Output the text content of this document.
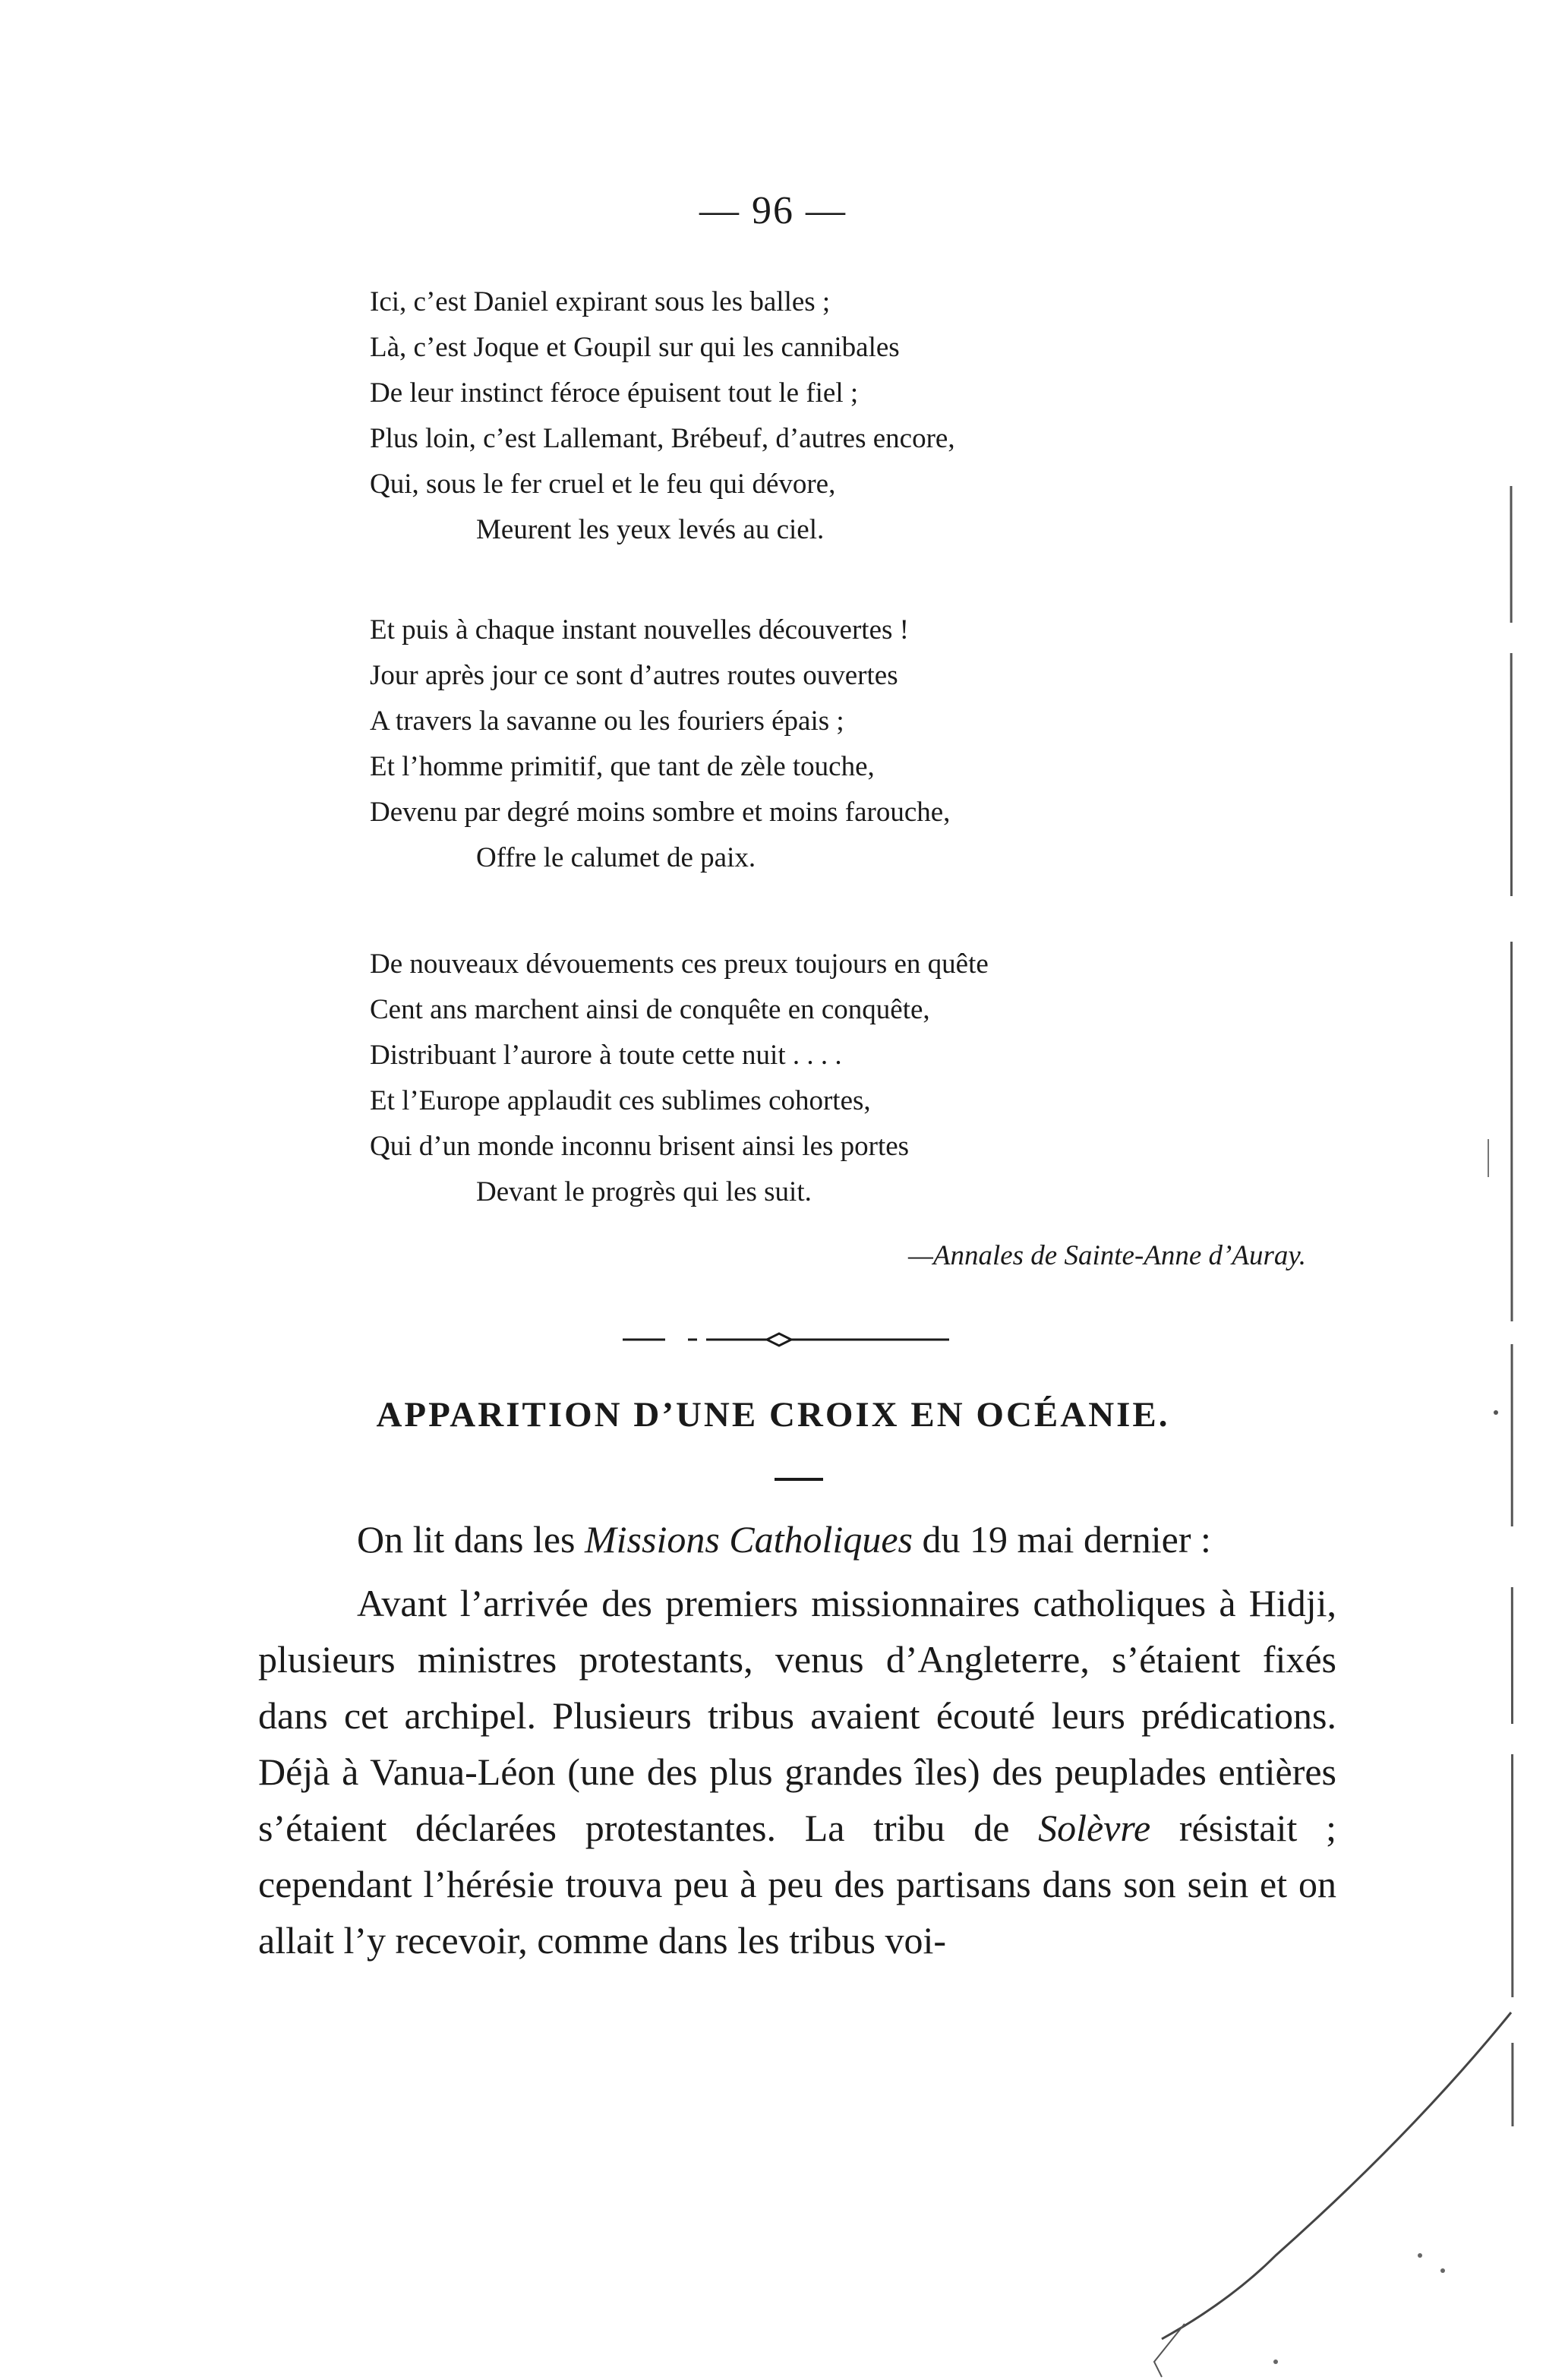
— 96 —
Ici, c’est Daniel expirant sous les balles ;
Là, c’est Joque et Goupil sur qui les cannibales
De leur instinct féroce épuisent tout le fiel ;
Plus loin, c’est Lallemant, Brébeuf, d’autres encore,
Qui, sous le fer cruel et le feu qui dévore,
Meurent les yeux levés au ciel.
Et puis à chaque instant nouvelles découvertes !
Jour après jour ce sont d’autres routes ouvertes
A travers la savanne ou les fouriers épais ;
Et l’homme primitif, que tant de zèle touche,
Devenu par degré moins sombre et moins farouche,
Offre le calumet de paix.
De nouveaux dévouements ces preux toujours en quête
Cent ans marchent ainsi de conquête en conquête,
Distribuant l’aurore à toute cette nuit . . . .
Et l’Europe applaudit ces sublimes cohortes,
Qui d’un monde inconnu brisent ainsi les portes
Devant le progrès qui les suit.
—Annales de Sainte-Anne d’Auray.
APPARITION D’UNE CROIX EN OCÉANIE.

On lit dans les Missions Catholiques du 19 mai dernier :

Avant l’arrivée des premiers missionnaires catholiques à Hidji, plusieurs ministres protestants, venus d’Angleterre, s’étaient fixés dans cet archipel. Plusieurs tribus avaient écouté leurs prédications. Déjà à Vanua-Léon (une des plus grandes îles) des peuplades entières s’étaient déclarées protestantes. La tribu de Solèvre résistait ; cependant l’hérésie trouva peu à peu des partisans dans son sein et on allait l’y recevoir, comme dans les tribus voi-
